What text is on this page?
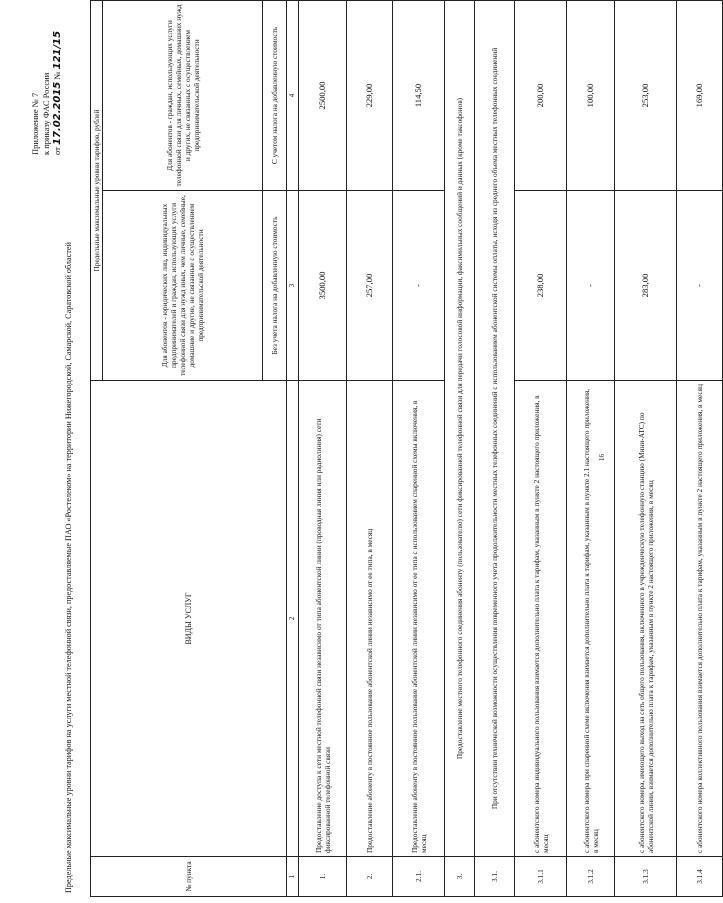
16
Приложение № 7 к приказу ФАС России от 17.02.2015 № 121/15
Предельные максимальные уровни тарифов на услуги местной телефонной связи, предоставляемые ПАО «Ростелеком» на территории Нижегородской, Самарской, Саратовской областей	№ пункта	ВИДЫ УСЛУГ	Предельные максимальные уровни тарифов, рублей	
		Для абонентов - юридических лиц, индивидуальных предпринимателей и граждан, использующих услуги телефонной связи для нужд иных, чем личные, семейные, домашние и другие, не связанные с осуществлением предпринимательской деятельности	Для абонентов - граждан, использующих услуги телефонной связи для личных, семейных, домашних нужд и других, не связанных с осуществлением предпринимательской деятельности
		Без учета налога на добавленную стоимость	С учетом налога на добавленную стоимость
1	2	3	4
1.	Предоставление доступа к сети местной телефонной связи независимо от типа абонентской линии (проводная линия или радиолиния) сети фиксированной телефонной связи	3500,00	2500,00
2.	Предоставление абоненту в постоянное пользование абонентской линии независимо от ее типа, в месяц	257,00	229,00
2.1.	Предоставление абоненту в постоянное пользование абонентской линии независимо от ее типа с использованием спаренной схемы включения, в месяц	-	114,50
3.	Предоставление местного телефонного соединения абоненту (пользователю) сети фиксированной телефонной связи для передачи голосовой информации, факсимильных сообщений и данных (кроме таксофонов)		
3.1.	При отсутствии технической возможности осуществления повременного учета продолжительности местных телефонных соединений с использованием абонентской системы оплаты, исходя из среднего объема местных телефонных соединений		
3.1.1	с абонентского номера индивидуального пользования взимается дополнительно плата к тарифам, указанным в пункте 2 настоящего приложения, в месяц	238,00	200,00
3.1.2	с абонентского номера при спаренной схеме включения взимается дополнительно плата к тарифам, указанным в пункте 2.1 настоящего приложения, в месяц	-	100,00
3.1.3	с абонентского номера, имеющего выход на сеть общего пользования, включенного в учрежденческую телефонную станцию (Мини-АТС) по абонентской линии, взимается дополнительно плата к тарифам, указанным в пункте 2 настоящего приложения, в месяц	283,00	253,00
3.1.4	с абонентского номера коллективного пользования взимается дополнительно плата к тарифам, указанным в пункте 2 настоящего приложения, в месяц	-	169,00
